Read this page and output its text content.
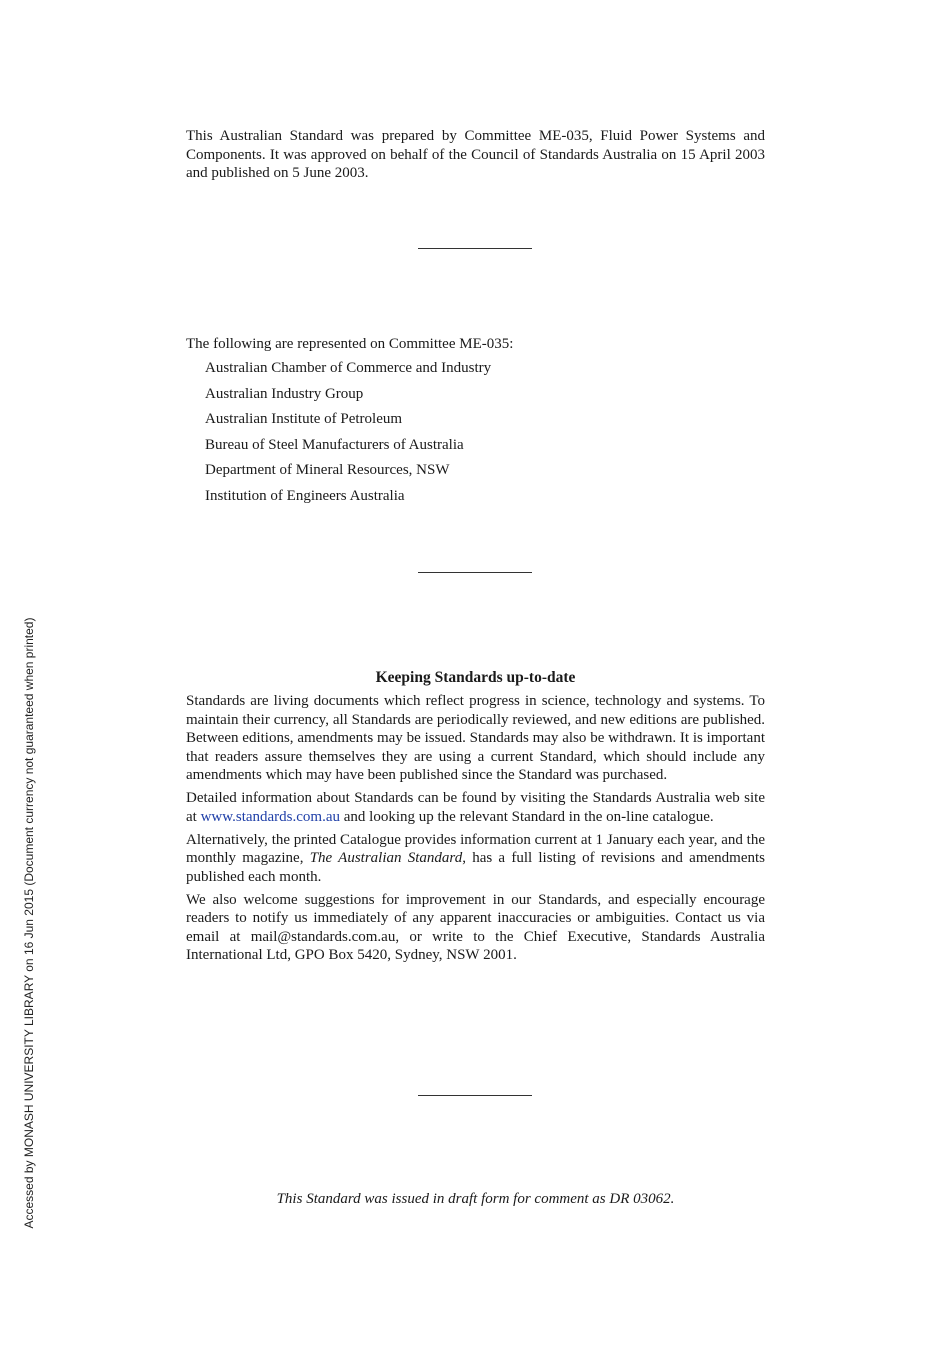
This Australian Standard was prepared by Committee ME-035, Fluid Power Systems and Components. It was approved on behalf of the Council of Standards Australia on 15 April 2003 and published on 5 June 2003.

The following are represented on Committee ME-035:

Australian Chamber of Commerce and Industry
Australian Industry Group
Australian Institute of Petroleum
Bureau of Steel Manufacturers of Australia
Department of Mineral Resources, NSW
Institution of Engineers Australia
Keeping Standards up-to-date

Standards are living documents which reflect progress in science, technology and systems. To maintain their currency, all Standards are periodically reviewed, and new editions are published. Between editions, amendments may be issued. Standards may also be withdrawn. It is important that readers assure themselves they are using a current Standard, which should include any amendments which may have been published since the Standard was purchased.

Detailed information about Standards can be found by visiting the Standards Australia web site at www.standards.com.au and looking up the relevant Standard in the on-line catalogue.

Alternatively, the printed Catalogue provides information current at 1 January each year, and the monthly magazine, The Australian Standard, has a full listing of revisions and amendments published each month.

We also welcome suggestions for improvement in our Standards, and especially encourage readers to notify us immediately of any apparent inaccuracies or ambiguities. Contact us via email at mail@standards.com.au, or write to the Chief Executive, Standards Australia International Ltd, GPO Box 5420, Sydney, NSW 2001.

This Standard was issued in draft form for comment as DR 03062.
Accessed by MONASH UNIVERSITY LIBRARY on 16 Jun 2015 (Document currency not guaranteed when printed)
